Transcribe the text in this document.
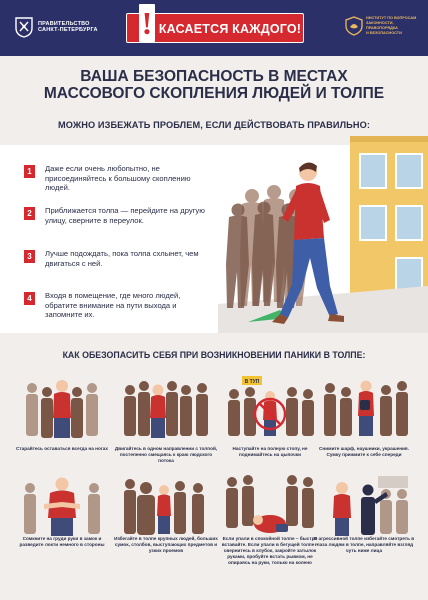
ПРАВИТЕЛЬСТВО
САНКТ-ПЕТЕРБУРГА ! КАСАЕТСЯ КАЖДОГО!
ИНСТИТУТ ПО ВОПРОСАМ
ЗАКОННОСТИ, ПРАВОПОРЯДКА
И БЕЗОПАСНОСТИ
ВАША БЕЗОПАСНОСТЬ В МЕСТАХ
МАССОВОГО СКОПЛЕНИЯ ЛЮДЕЙ И ТОЛПЕ
МОЖНО ИЗБЕЖАТЬ ПРОБЛЕМ, ЕСЛИ ДЕЙСТВОВАТЬ ПРАВИЛЬНО:
1	Даже если очень любопытно, не присоединяйтесь к большому скоплению людей.
2	Приближается толпа — перейдите на другую улицу, сверните в переулок.
3	Лучше подождать, пока толпа схлынет, чем двигаться с ней.
4	Входя в помещение, где много людей, обратите внимание на пути выхода и запомните их.
КАК ОБЕЗОПАСИТЬ СЕБЯ ПРИ ВОЗНИКНОВЕНИИ ПАНИКИ В ТОЛПЕ:
Старайтесь оставаться всегда на ногах	Двигайтесь в одном направлении с толпой, постепенно смещаясь к краю людского потока
В ТУП
Наступайте на полную стопу, не поднимайтесь на цыпочки
Снимите шарф, наушники, украшения. Сумку прижмите к себе спереди
Сомкните на груди руки в замок и разведите локти немного в стороны
Избегайте в толпе крупных людей, больших сумок, столбов, выступающих предметов и узких проемов
Если упали в спокойной толпе – быстро вставайте. Если упали в бегущей толпе – свернитесь в клубок, закройте затылок руками, пробуйте встать рывком, не опираясь на руки, только на колено
В агрессивной толпе избегайте смотреть в глаза людям в толпе, направляйте взгляд чуть ниже лица
